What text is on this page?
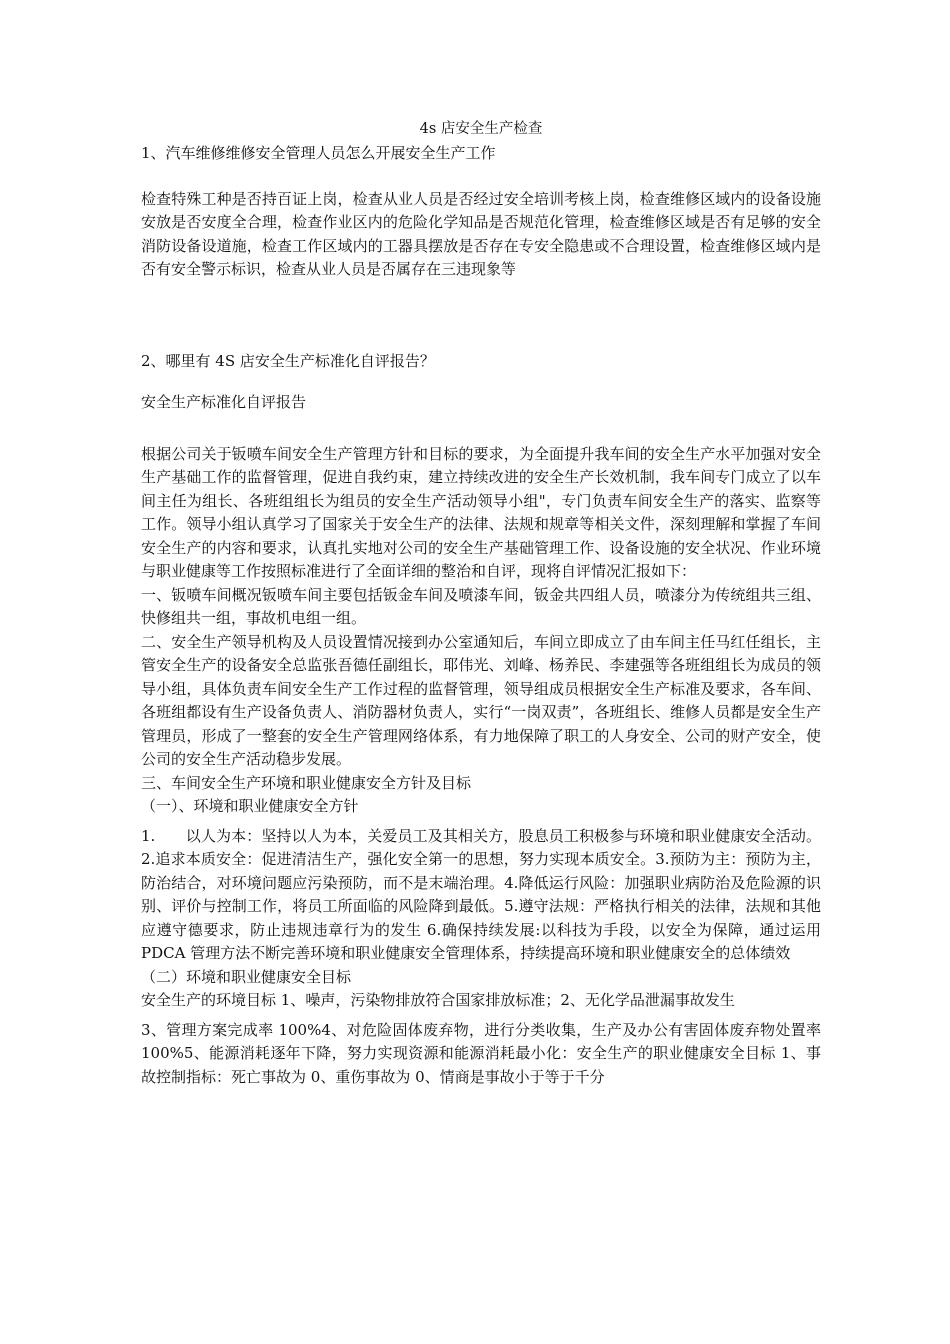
4s 店安全生产检查

1、汽车维修维修安全管理人员怎么开展安全生产工作

检查特殊工种是否持百证上岗，检查从业人员是否经过安全培训考核上岗，检查维修区域内的设备设施安放是否安度全合理，检查作业区内的危险化学知品是否规范化管理，检查维修区域是否有足够的安全消防设备设道施，检查工作区域内的工器具摆放是否存在专安全隐患或不合理设置，检查维修区域内是否有安全警示标识，检查从业人员是否属存在三违现象等

2、哪里有 4S 店安全生产标准化自评报告？

安全生产标准化自评报告

根据公司关于钣喷车间安全生产管理方针和目标的要求，为全面提升我车间的安全生产水平加强对安全生产基础工作的监督管理，促进自我约束，建立持续改进的安全生产长效机制，我车间专门成立了以车间主任为组长、各班组组长为组员的安全生产活动领导小组"，专门负责车间安全生产的落实、监察等工作。领导小组认真学习了国家关于安全生产的法律、法规和规章等相关文件，深刻理解和掌握了车间安全生产的内容和要求，认真扎实地对公司的安全生产基础管理工作、设备设施的安全状况、作业环境与职业健康等工作按照标准进行了全面详细的整治和自评，现将自评情况汇报如下：

一、钣喷车间概况钣喷车间主要包括钣金车间及喷漆车间，钣金共四组人员，喷漆分为传统组共三组、快修组共一组，事故机电组一组。

二、安全生产领导机构及人员设置情况接到办公室通知后，车间立即成立了由车间主任马红任组长，主管安全生产的设备安全总监张吾德任副组长，耶伟光、刘峰、杨养民、李建强等各班组组长为成员的领导小组，具体负责车间安全生产工作过程的监督管理，领导组成员根据安全生产标准及要求，各车间、各班组都设有生产设备负责人、消防器材负责人，实行“一岗双责”，各班组长、维修人员都是安全生产管理员，形成了一整套的安全生产管理网络体系，有力地保障了职工的人身安全、公司的财产安全，使公司的安全生产活动稳步发展。

三、车间安全生产环境和职业健康安全方针及目标

（一）、环境和职业健康安全方针

1.　　以人为本：坚持以人为本，关爱员工及其相关方，股息员工积极参与环境和职业健康安全活动。2.追求本质安全：促进清洁生产，强化安全第一的思想，努力实现本质安全。3.预防为主：预防为主，防治结合，对环境问题应污染预防，而不是末端治理。4.降低运行风险：加强职业病防治及危险源的识别、评价与控制工作，将员工所面临的风险降到最低。5.遵守法规：严格执行相关的法律，法规和其他应遵守德要求，防止违规违章行为的发生 6.确保持续发展:以科技为手段，以安全为保障，通过运用 PDCA 管理方法不断完善环境和职业健康安全管理体系，持续提高环境和职业健康安全的总体绩效

（二）环境和职业健康安全目标

安全生产的环境目标 1、噪声，污染物排放符合国家排放标准；2、无化学品泄漏事故发生

3、管理方案完成率 100%4、对危险固体废弃物，进行分类收集，生产及办公有害固体废弃物处置率 100%5、能源消耗逐年下降，努力实现资源和能源消耗最小化：安全生产的职业健康安全目标 1、事故控制指标：死亡事故为 0、重伤事故为 0、情商是事故小于等于千分
